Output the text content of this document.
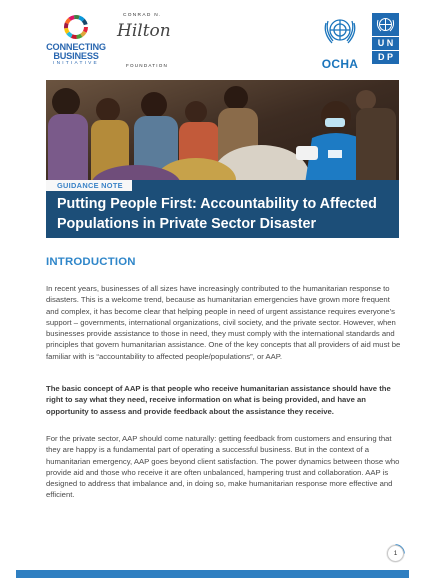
CONNECTING
BUSINESS
INITIATIVE
CONRAD N.
Hilton
FOUNDATION	OCHA
U N
D P
GUIDANCE NOTE
Putting People First: Accountability to Affected Populations in Private Sector Disaster Management
INTRODUCTION

In recent years, businesses of all sizes have increasingly contributed to the humanitarian response to disasters. This is a welcome trend, because as humanitarian emergencies have grown more frequent and complex, it has become clear that helping people in need of urgent assistance requires everyone’s support – governments, international organizations, civil society, and the private sector. However, when businesses provide assistance to those in need, they must comply with the international standards and principles that govern humanitarian assistance. One of the key concepts that all providers of aid must be familiar with is “accountability to affected people/populations”, or AAP.

The basic concept of AAP is that people who receive humanitarian assistance should have the right to say what they need, receive information on what is being provided, and have an opportunity to assess and provide feedback about the assistance they receive.

For the private sector, AAP should come naturally: getting feedback from customers and ensuring that they are happy is a fundamental part of operating a successful business. But in the context of a humanitarian emergency, AAP goes beyond client satisfaction. The power dynamics between those who provide aid and those who receive it are often unbalanced, hampering trust and collaboration. AAP is designed to address that imbalance and, in doing so, make humanitarian response more effective and efficient.

1
